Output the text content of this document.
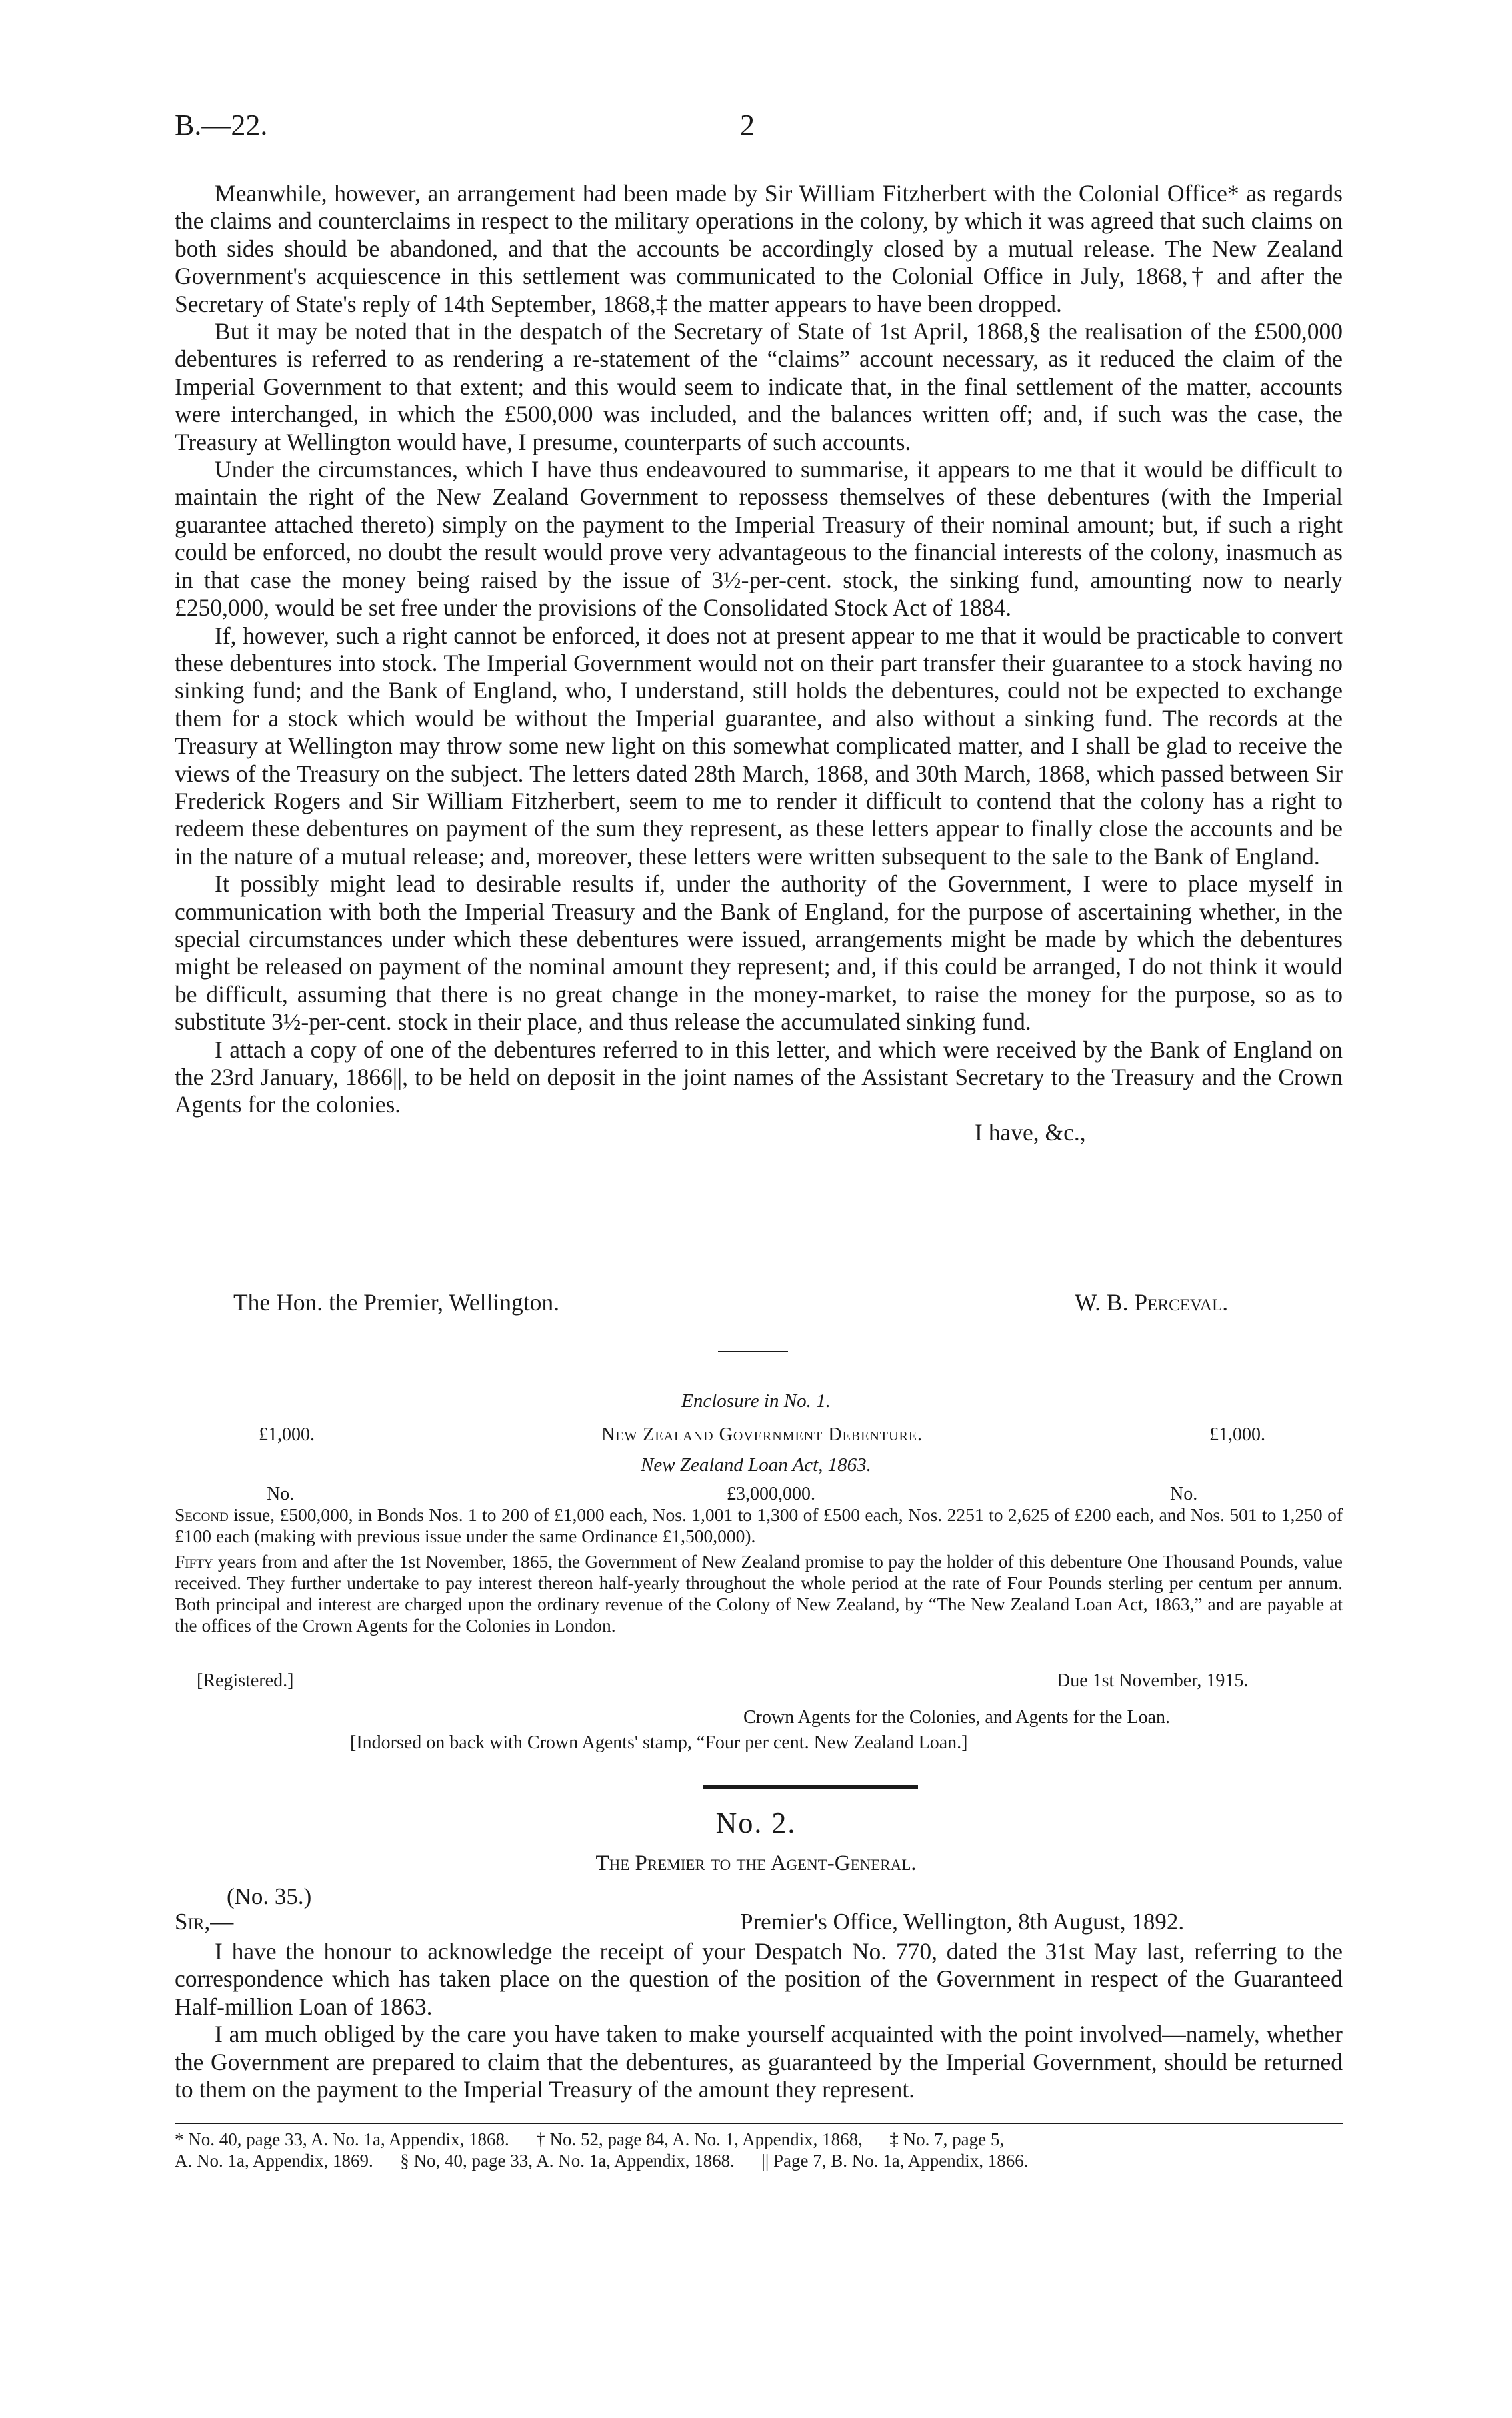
B.—22.	2

Meanwhile, however, an arrangement had been made by Sir William Fitzherbert with the Colonial Office* as regards the claims and counterclaims in respect to the military operations in the colony, by which it was agreed that such claims on both sides should be abandoned, and that the accounts be accordingly closed by a mutual release. The New Zealand Government's acquiescence in this settlement was communicated to the Colonial Office in July, 1868,† and after the Secretary of State's reply of 14th September, 1868,‡ the matter appears to have been dropped.

But it may be noted that in the despatch of the Secretary of State of 1st April, 1868,§ the realisation of the £500,000 debentures is referred to as rendering a re-statement of the “claims” account necessary, as it reduced the claim of the Imperial Government to that extent; and this would seem to indicate that, in the final settlement of the matter, accounts were interchanged, in which the £500,000 was included, and the balances written off; and, if such was the case, the Treasury at Wellington would have, I presume, counterparts of such accounts.

Under the circumstances, which I have thus endeavoured to summarise, it appears to me that it would be difficult to maintain the right of the New Zealand Government to repossess themselves of these debentures (with the Imperial guarantee attached thereto) simply on the payment to the Imperial Treasury of their nominal amount; but, if such a right could be enforced, no doubt the result would prove very advantageous to the financial interests of the colony, inasmuch as in that case the money being raised by the issue of 3½-per-cent. stock, the sinking fund, amounting now to nearly £250,000, would be set free under the provisions of the Consolidated Stock Act of 1884.

If, however, such a right cannot be enforced, it does not at present appear to me that it would be practicable to convert these debentures into stock. The Imperial Government would not on their part transfer their guarantee to a stock having no sinking fund; and the Bank of England, who, I understand, still holds the debentures, could not be expected to exchange them for a stock which would be without the Imperial guarantee, and also without a sinking fund. The records at the Treasury at Wellington may throw some new light on this somewhat complicated matter, and I shall be glad to receive the views of the Treasury on the subject. The letters dated 28th March, 1868, and 30th March, 1868, which passed between Sir Frederick Rogers and Sir William Fitzherbert, seem to me to render it difficult to contend that the colony has a right to redeem these debentures on payment of the sum they represent, as these letters appear to finally close the accounts and be in the nature of a mutual release; and, moreover, these letters were written subsequent to the sale to the Bank of England.

It possibly might lead to desirable results if, under the authority of the Government, I were to place myself in communication with both the Imperial Treasury and the Bank of England, for the purpose of ascertaining whether, in the special circumstances under which these debentures were issued, arrangements might be made by which the debentures might be released on payment of the nominal amount they represent; and, if this could be arranged, I do not think it would be difficult, assuming that there is no great change in the money-market, to raise the money for the purpose, so as to substitute 3½-per-cent. stock in their place, and thus release the accumulated sinking fund.

I attach a copy of one of the debentures referred to in this letter, and which were received by the Bank of England on the 23rd January, 1866||, to be held on deposit in the joint names of the Assistant Secretary to the Treasury and the Crown Agents for the colonies.

I have, &c.,
The Hon. the Premier, Wellington.	W. B. Perceval.
Enclosure in No. 1.
£1,000.	New Zealand Government Debenture.	£1,000.
New Zealand Loan Act, 1863.
No.	£3,000,000.	No.

Second issue, £500,000, in Bonds Nos. 1 to 200 of £1,000 each, Nos. 1,001 to 1,300 of £500 each, Nos. 2251 to 2,625 of £200 each, and Nos. 501 to 1,250 of £100 each (making with previous issue under the same Ordinance £1,500,000).

Fifty years from and after the 1st November, 1865, the Government of New Zealand promise to pay the holder of this debenture One Thousand Pounds, value received. They further undertake to pay interest thereon half-yearly throughout the whole period at the rate of Four Pounds sterling per centum per annum. Both principal and interest are charged upon the ordinary revenue of the Colony of New Zealand, by “The New Zealand Loan Act, 1863,” and are payable at the offices of the Crown Agents for the Colonies in London.

[Registered.]	Due 1st November, 1915.
Crown Agents for the Colonies, and Agents for the Loan.
[Indorsed on back with Crown Agents' stamp, “Four per cent. New Zealand Loan.]
No. 2.
The Premier to the Agent-General.
(No. 35.)
Sir,—	Premier's Office, Wellington, 8th August, 1892.

I have the honour to acknowledge the receipt of your Despatch No. 770, dated the 31st May last, referring to the correspondence which has taken place on the question of the position of the Government in respect of the Guaranteed Half-million Loan of 1863.

I am much obliged by the care you have taken to make yourself acquainted with the point involved—namely, whether the Government are prepared to claim that the debentures, as guaranteed by the Imperial Government, should be returned to them on the payment to the Imperial Treasury of the amount they represent.

* No. 40, page 33, A. No. 1a, Appendix, 1868.      † No. 52, page 84, A. No. 1, Appendix, 1868,      ‡ No. 7, page 5,
A. No. 1a, Appendix, 1869.      § No, 40, page 33, A. No. 1a, Appendix, 1868.      || Page 7, B. No. 1a, Appendix, 1866.
